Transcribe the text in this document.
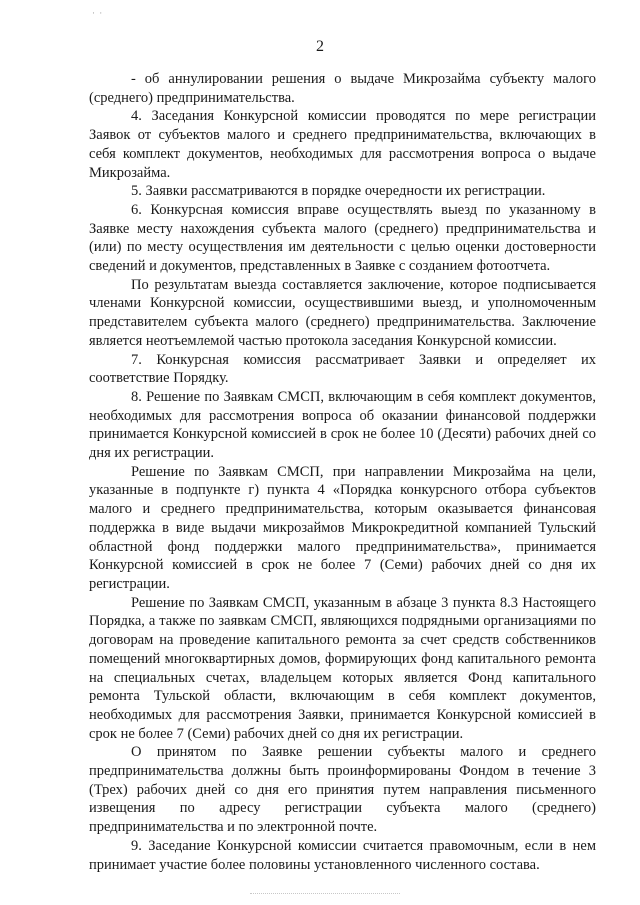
· ·
2

- об аннулировании решения о выдаче Микрозайма субъекту малого (среднего) предпринимательства.

4. Заседания Конкурсной комиссии проводятся по мере регистрации Заявок от субъектов малого и среднего предпринимательства, включающих в себя комплект документов, необходимых для рассмотрения вопроса о выдаче Микрозайма.

5. Заявки рассматриваются в порядке очередности их регистрации.

6. Конкурсная комиссия вправе осуществлять выезд по указанному в Заявке месту нахождения субъекта малого (среднего) предпринимательства и (или) по месту осуществления им деятельности с целью оценки достоверности сведений и документов, представленных в Заявке с созданием фотоотчета.

По результатам выезда составляется заключение, которое подписывается членами Конкурсной комиссии, осуществившими выезд, и уполномоченным представителем субъекта малого (среднего) предпринимательства. Заключение является неотъемлемой частью протокола заседания Конкурсной комиссии.

7. Конкурсная комиссия рассматривает Заявки и определяет их соответствие Порядку.

8. Решение по Заявкам СМСП, включающим в себя комплект документов, необходимых для рассмотрения вопроса об оказании финансовой поддержки принимается Конкурсной комиссией в срок не более 10 (Десяти) рабочих дней со дня их регистрации.

Решение по Заявкам СМСП, при направлении Микрозайма на цели, указанные в подпункте г) пункта 4 «Порядка конкурсного отбора субъектов малого и среднего предпринимательства, которым оказывается финансовая поддержка в виде выдачи микрозаймов Микрокредитной компанией Тульский областной фонд поддержки малого предпринимательства», принимается Конкурсной комиссией в срок не более 7 (Семи) рабочих дней со дня их регистрации.

Решение по Заявкам СМСП, указанным в абзаце 3 пункта 8.3 Настоящего Порядка, а также по заявкам СМСП, являющихся подрядными организациями по договорам на проведение капитального ремонта за счет средств собственников помещений многоквартирных домов, формирующих фонд капитального ремонта на специальных счетах, владельцем которых является Фонд капитального ремонта Тульской области, включающим в себя комплект документов, необходимых для рассмотрения Заявки, принимается Конкурсной комиссией в срок не более 7 (Семи) рабочих дней со дня их регистрации.

О принятом по Заявке решении субъекты малого и среднего предпринимательства должны быть проинформированы Фондом в течение 3 (Трех) рабочих дней со дня его принятия путем направления письменного извещения по адресу регистрации субъекта малого (среднего) предпринимательства и по электронной почте.

9. Заседание Конкурсной комиссии считается правомочным, если в нем принимает участие более половины установленного численного состава.
